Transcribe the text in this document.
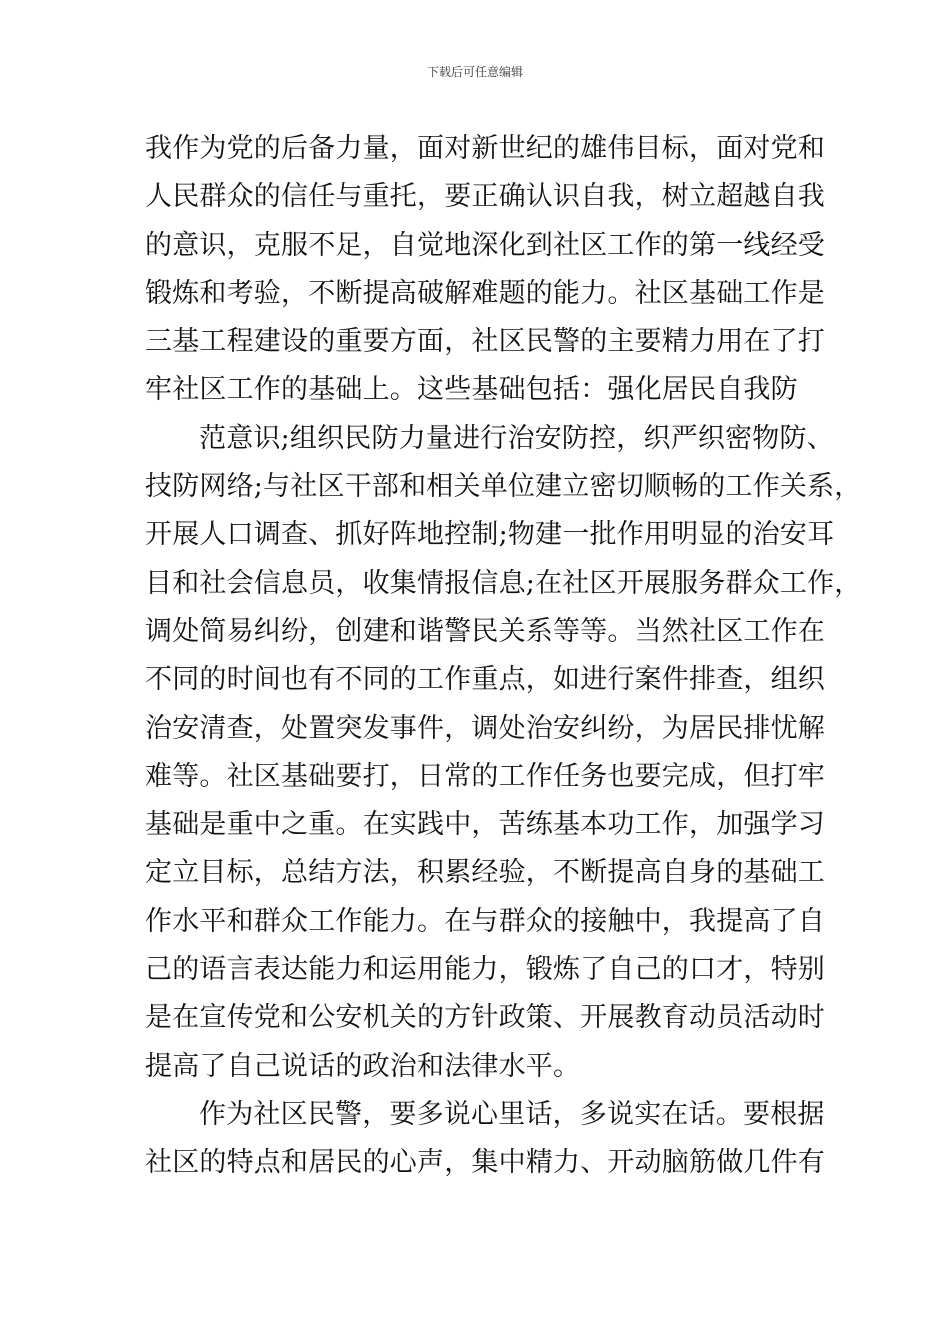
下载后可任意编辑
我作为党的后备力量，面对新世纪的雄伟目标，面对党和
人民群众的信任与重托，要正确认识自我，树立超越自我
的意识，克服不足，自觉地深化到社区工作的第一线经受
锻炼和考验，不断提高破解难题的能力。社区基础工作是
三基工程建设的重要方面，社区民警的主要精力用在了打
牢社区工作的基础上。这些基础包括：强化居民自我防
范意识;组织民防力量进行治安防控，织严织密物防、
技防网络;与社区干部和相关单位建立密切顺畅的工作关系，
开展人口调查、抓好阵地控制;物建一批作用明显的治安耳
目和社会信息员，收集情报信息;在社区开展服务群众工作，
调处简易纠纷，创建和谐警民关系等等。当然社区工作在
不同的时间也有不同的工作重点，如进行案件排查，组织
治安清查，处置突发事件，调处治安纠纷，为居民排忧解
难等。社区基础要打，日常的工作任务也要完成，但打牢
基础是重中之重。在实践中，苦练基本功工作，加强学习
定立目标，总结方法，积累经验，不断提高自身的基础工
作水平和群众工作能力。在与群众的接触中，我提高了自
己的语言表达能力和运用能力，锻炼了自己的口才，特别
是在宣传党和公安机关的方针政策、开展教育动员活动时
提高了自己说话的政治和法律水平。
作为社区民警，要多说心里话，多说实在话。要根据
社区的特点和居民的心声，集中精力、开动脑筋做几件有
